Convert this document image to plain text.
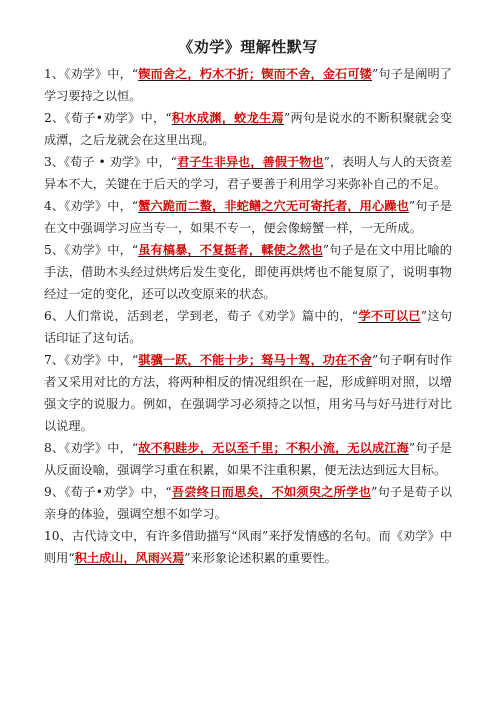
《劝学》理解性默写
1、《劝学》中，“锲而舍之，朽木不折；锲而不舍，金石可镂”句子是阐明了学习要持之以恒。
2、《荀子•劝学》中，“积水成渊，蛟龙生焉”两句是说水的不断积聚就会变成潭，之后龙就会在这里出现。
3、《荀子 • 劝学》中，“君子生非异也，善假于物也”，表明人与人的天资差异本不大，关键在于后天的学习，君子要善于利用学习来弥补自己的不足。
4、《劝学》中，“蟹六跪而二螯，非蛇鳝之穴无可寄托者，用心躁也”句子是在文中强调学习应当专一，如果不专一，便会像螃蟹一样，一无所成。
5、《劝学》中，“虽有槁暴，不复挺者，輮使之然也”句子是在文中用比喻的手法，借助木头经过烘烤后发生变化，即使再烘烤也不能复原了，说明事物经过一定的变化，还可以改变原来的状态。
6、人们常说，活到老，学到老，荀子《劝学》篇中的，“学不可以已”这句话印证了这句话。
7、《劝学》中，“骐骥一跃，不能十步；驽马十驾，功在不舍”句子啊有时作者又采用对比的方法，将两种相反的情况组织在一起，形成鲜明对照，以增强文字的说服力。例如，在强调学习必须持之以恒，用劣马与好马进行对比以说理。
8、《劝学》中，“故不积跬步，无以至千里；不积小流，无以成江海”句子是从反面设喻，强调学习重在积累，如果不注重积累，便无法达到远大目标。
9、《荀子•劝学》中，“吾尝终日而思矣，不如须臾之所学也”句子是荀子以亲身的体验，强调空想不如学习。
10、古代诗文中，有许多借助描写“风雨”来抒发情感的名句。而《劝学》中则用“积土成山，风雨兴焉”来形象论述积累的重要性。
